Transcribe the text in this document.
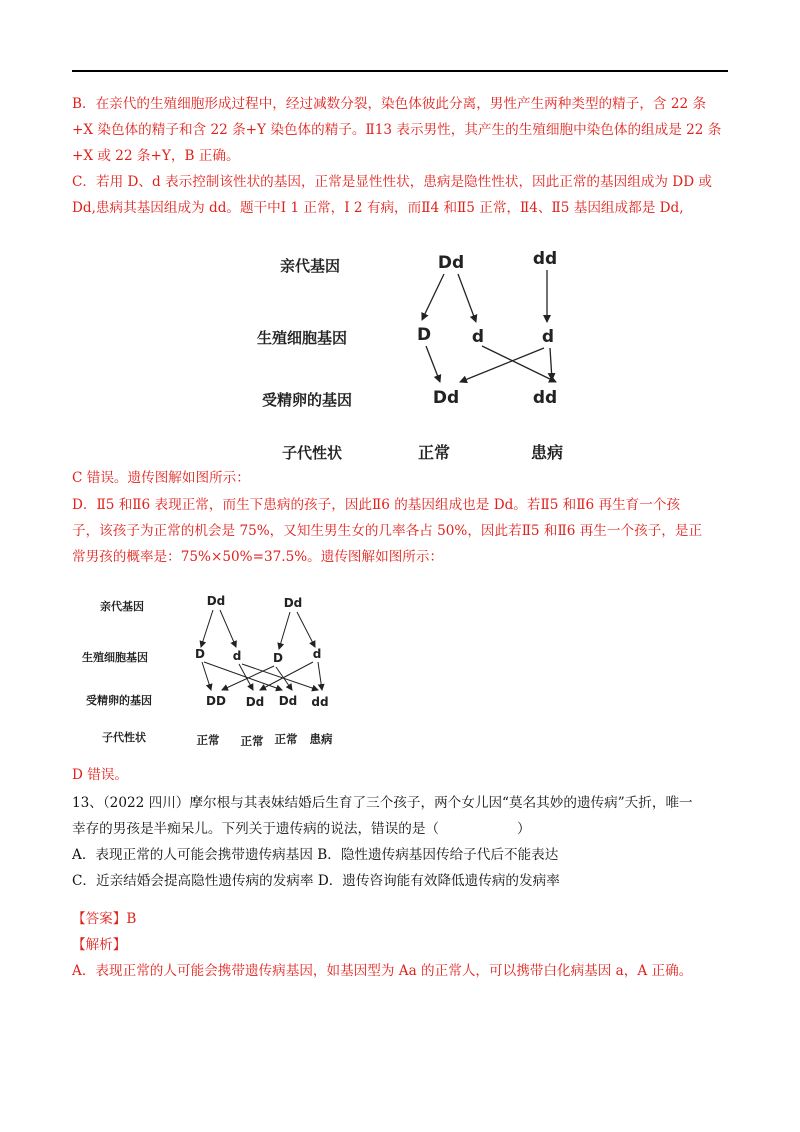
B．在亲代的生殖细胞形成过程中，经过减数分裂，染色体彼此分离，男性产生两种类型的精子，含 22 条
+X 染色体的精子和含 22 条+Y 染色体的精子。Ⅱ13 表示男性，其产生的生殖细胞中染色体的组成是 22 条
+X 或 22 条+Y，B 正确。
C．若用 D、d 表示控制该性状的基因，正常是显性性状，患病是隐性性状，因此正常的基因组成为 DD 或
Dd,患病其基因组成为 dd。题干中Ⅰ 1 正常，Ⅰ 2 有病，而Ⅱ4 和Ⅱ5 正常，Ⅱ4、Ⅱ5 基因组成都是 Dd,
亲代基因
生殖细胞基因
受精卵的基因
子代性状
Dd	dd
D d	d
Dd	dd
正常	患病
C 错误。遗传图解如图所示：
D．Ⅱ5 和Ⅱ6 表现正常，而生下患病的孩子，因此Ⅱ6 的基因组成也是 Dd。若Ⅱ5 和Ⅱ6 再生育一个孩
子，该孩子为正常的机会是 75%，又知生男生女的几率各占 50%，因此若Ⅱ5 和Ⅱ6 再生一个孩子，是正
常男孩的概率是：75%×50%=37.5%。遗传图解如图所示：
亲代基因
生殖细胞基因
受精卵的基因
子代性状
Dd	Dd
D d	D d
DD Dd Dd dd
正常 正常 正常 患病
D 错误。
13、（2022 四川）摩尔根与其表妹结婚后生育了三个孩子，两个女儿因“莫名其妙的遗传病”夭折，唯一
幸存的男孩是半痴呆儿。下列关于遗传病的说法，错误的是（	）
A．表现正常的人可能会携带遗传病基因 B．隐性遗传病基因传给子代后不能表达
C．近亲结婚会提高隐性遗传病的发病率 D．遗传咨询能有效降低遗传病的发病率
【答案】B
【解析】
A．表现正常的人可能会携带遗传病基因，如基因型为 Aa 的正常人，可以携带白化病基因 a，A 正确。
